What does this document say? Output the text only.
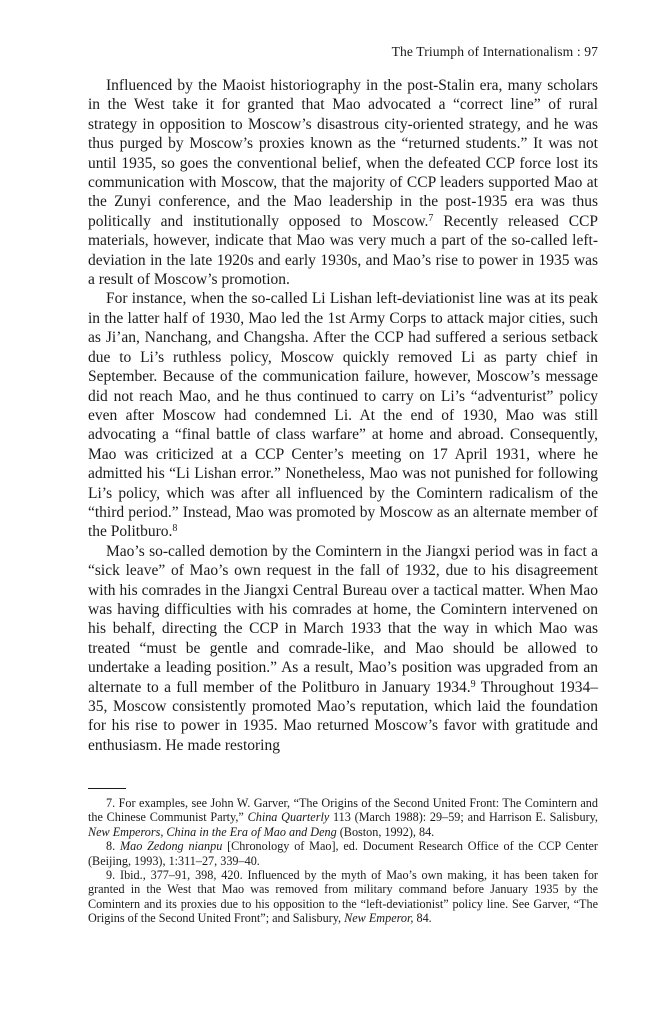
The Triumph of Internationalism : 97

Influenced by the Maoist historiography in the post-Stalin era, many scholars in the West take it for granted that Mao advocated a “correct line” of rural strategy in opposition to Moscow’s disastrous city-oriented strategy, and he was thus purged by Moscow’s proxies known as the “returned students.” It was not until 1935, so goes the conventional belief, when the defeated CCP force lost its communication with Moscow, that the majority of CCP leaders supported Mao at the Zunyi conference, and the Mao leadership in the post-1935 era was thus politically and institutionally opposed to Moscow.$^7$ Recently released CCP materials, however, indicate that Mao was very much a part of the so-called left-deviation in the late 1920s and early 1930s, and Mao’s rise to power in 1935 was a result of Moscow’s promotion.

For instance, when the so-called Li Lishan left-deviationist line was at its peak in the latter half of 1930, Mao led the 1st Army Corps to attack major cities, such as Ji’an, Nanchang, and Changsha. After the CCP had suffered a serious setback due to Li’s ruthless policy, Moscow quickly removed Li as party chief in September. Because of the communication failure, however, Moscow’s message did not reach Mao, and he thus continued to carry on Li’s “adventurist” policy even after Moscow had condemned Li. At the end of 1930, Mao was still advocating a “final battle of class warfare” at home and abroad. Consequently, Mao was criticized at a CCP Center’s meeting on 17 April 1931, where he admitted his “Li Lishan error.” Nonetheless, Mao was not punished for following Li’s policy, which was after all influenced by the Comintern radicalism of the “third period.” Instead, Mao was promoted by Moscow as an alternate member of the Politburo.$^8$

Mao’s so-called demotion by the Comintern in the Jiangxi period was in fact a “sick leave” of Mao’s own request in the fall of 1932, due to his disagreement with his comrades in the Jiangxi Central Bureau over a tactical matter. When Mao was having difficulties with his comrades at home, the Comintern intervened on his behalf, directing the CCP in March 1933 that the way in which Mao was treated “must be gentle and comrade-like, and Mao should be allowed to undertake a leading position.” As a result, Mao’s position was upgraded from an alternate to a full member of the Politburo in January 1934.$^9$ Throughout 1934–35, Moscow consistently promoted Mao’s reputation, which laid the foundation for his rise to power in 1935. Mao returned Moscow’s favor with gratitude and enthusiasm. He made restoring

7. For examples, see John W. Garver, “The Origins of the Second United Front: The Comintern and the Chinese Communist Party,” China Quarterly 113 (March 1988): 29–59; and Harrison E. Salisbury, New Emperors, China in the Era of Mao and Deng (Boston, 1992), 84.

8. Mao Zedong nianpu [Chronology of Mao], ed. Document Research Office of the CCP Center (Beijing, 1993), 1:311–27, 339–40.

9. Ibid., 377–91, 398, 420. Influenced by the myth of Mao’s own making, it has been taken for granted in the West that Mao was removed from military command before January 1935 by the Comintern and its proxies due to his opposition to the “left-deviationist” policy line. See Garver, “The Origins of the Second United Front”; and Salisbury, New Emperor, 84.
